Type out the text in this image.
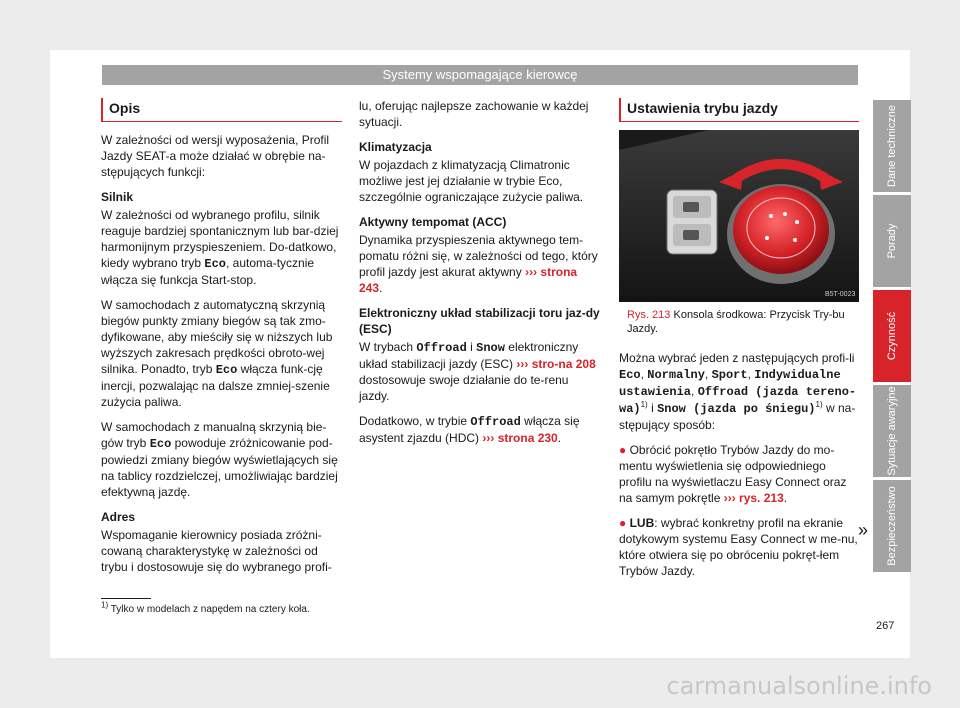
Systemy wspomagające kierowcę
Opis

W zależności od wersji wyposażenia, Profil Jazdy SEAT-a może działać w obrębie na-stępujących funkcji:

Silnik

W zależności od wybranego profilu, silnik reaguje bardziej spontanicznym lub bar-dziej harmonijnym przyspieszeniem. Do-datkowo, kiedy wybrano tryb Eco, automa-tycznie włącza się funkcja Start-stop.

W samochodach z automatyczną skrzynią biegów punkty zmiany biegów są tak zmo-dyfikowane, aby mieściły się w niższych lub wyższych zakresach prędkości obroto-wej silnika. Ponadto, tryb Eco włącza funk-cję inercji, pozwalając na dalsze zmniej-szenie zużycia paliwa.

W samochodach z manualną skrzynią bie-gów tryb Eco powoduje zróżnicowanie pod-powiedzi zmiany biegów wyświetlających się na tablicy rozdzielczej, umożliwiając bardziej efektywną jazdę.

Adres

Wspomaganie kierownicy posiada zróżni-cowaną charakterystykę w zależności od trybu i dostosowuje się do wybranego profi-

lu, oferując najlepsze zachowanie w każdej sytuacji.

Klimatyzacja

W pojazdach z klimatyzacją Climatronic możliwe jest jej działanie w trybie Eco, szczególnie ograniczające zużycie paliwa.

Aktywny tempomat (ACC)

Dynamika przyspieszenia aktywnego tem-pomatu różni się, w zależności od tego, który profil jazdy jest akurat aktywny ››› strona 243.

Elektroniczny układ stabilizacji toru jaz-dy (ESC)

W trybach Offroad i Snow elektroniczny układ stabilizacji jazdy (ESC) ››› stro-na 208 dostosowuje swoje działanie do te-renu jazdy.

Dodatkowo, w trybie Offroad włącza się asystent zjazdu (HDC) ››› strona 230.

Ustawienia trybu jazdy
B5T-0023
Rys. 213 Konsola środkowa: Przycisk Try-bu Jazdy.

Można wybrać jeden z następujących profi-li Eco, Normalny, Sport, Indywidualne ustawienia, Offroad (jazda tereno-wa)$^{1)}$ i Snow (jazda po śniegu)$^{1)}$ w na-stępujący sposób:

● Obrócić pokrętło Trybów Jazdy do mo-mentu wyświetlenia się odpowiedniego profilu na wyświetlaczu Easy Connect oraz na samym pokrętle ››› rys. 213.

● LUB: wybrać konkretny profil na ekranie dotykowym systemu Easy Connect w me-nu, które otwiera się po obróceniu pokręt-łem Trybów Jazdy.

»
$^{1)}$ Tylko w modelach z napędem na cztery koła.
267
Dane techniczne
Porady
Czynność
Sytuacje awaryjne
Bezpieczeństwo
carmanualsonline.info
